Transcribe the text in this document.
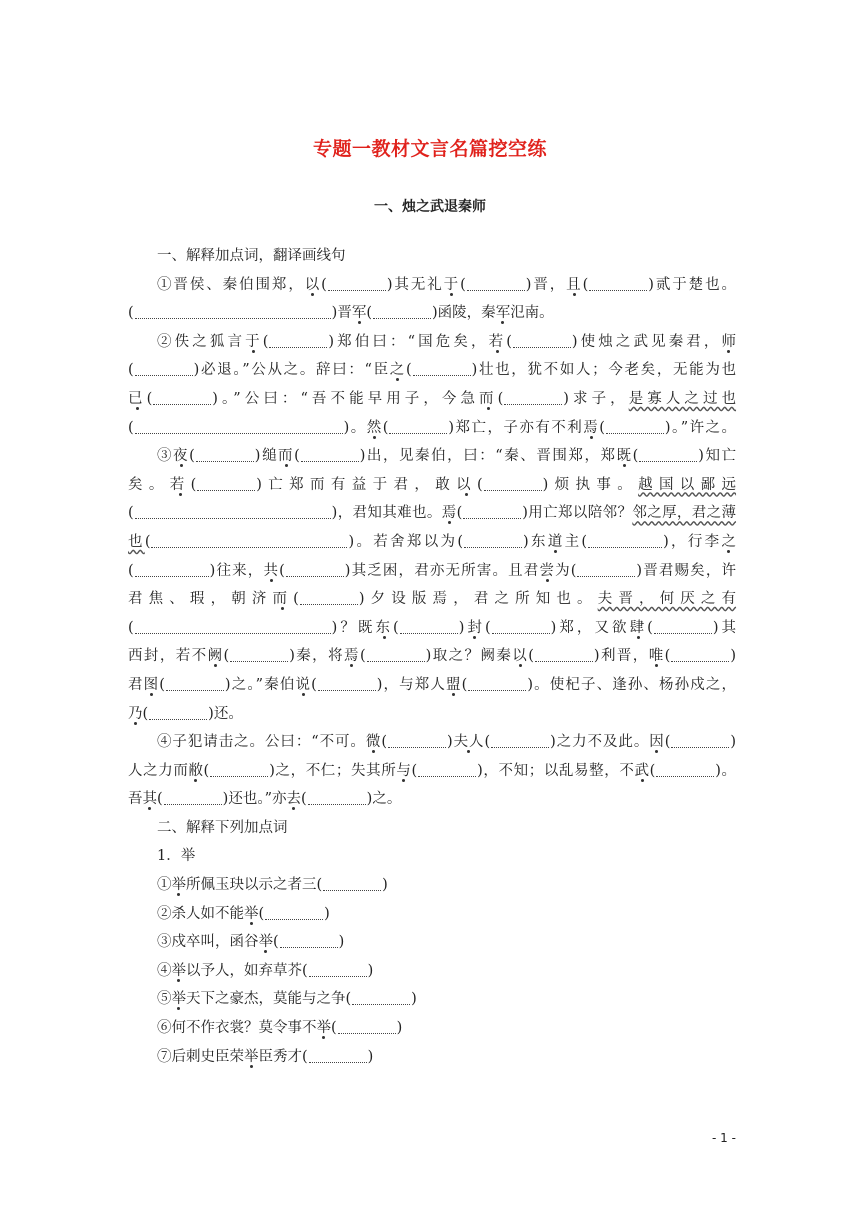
专题一教材文言名篇挖空练
一、烛之武退秦师
一、解释加点词，翻译画线句
①晋侯、秦伯围郑，以(	)其无礼于(	)晋，且(	)贰于楚也。
(	)晋军(	)函陵，秦军氾南。
②佚之狐言于(	)郑伯曰：“国危矣，若(	)使烛之武见秦君，师
(	)必退。”公从之。辞曰：“臣之(	)壮也，犹不如人；今老矣，无能为也
已(	)。”公曰：“吾不能早用子，今急而(	)求子，是寡人之过也
(	)。然(	)郑亡，子亦有不利焉(	)。”许之。
③夜(	)缒而(	)出，见秦伯，曰：“秦、晋围郑，郑既(	)知亡
矣。若(	)亡郑而有益于君，敢以(	)烦执事。越国以鄙远
(	)，君知其难也。焉(	)用亡郑以陪邻？邻之厚，君之薄
也(	)。若舍郑以为(	)东道主(	)，行李之
(	)往来，共(	)其乏困，君亦无所害。且君尝为(	)晋君赐矣，许
君焦、瑕，朝济而(	)夕设版焉，君之所知也。夫晋，何厌之有
(	)？既东(	)封(	)郑，又欲肆(	)其
西封，若不阙(	)秦，将焉(	)取之？阙秦以(	)利晋，唯(	)
君图(	)之。”秦伯说(	)，与郑人盟(	)。使杞子、逢孙、杨孙戍之，
乃(	)还。
④子犯请击之。公曰：“不可。微(	)夫人(	)之力不及此。因(	)
人之力而敝(	)之，不仁；失其所与(	)，不知；以乱易整，不武(	)。
吾其(	)还也。”亦去(	)之。
二、解释下列加点词
1．举
①举所佩玉玦以示之者三(	)
②杀人如不能举(	)
③戍卒叫，函谷举(	)
④举以予人，如弃草芥(	)
⑤举天下之豪杰，莫能与之争(	)
⑥何不作衣裳？莫令事不举(	)
⑦后刺史臣荣举臣秀才(	)
- 1 -
